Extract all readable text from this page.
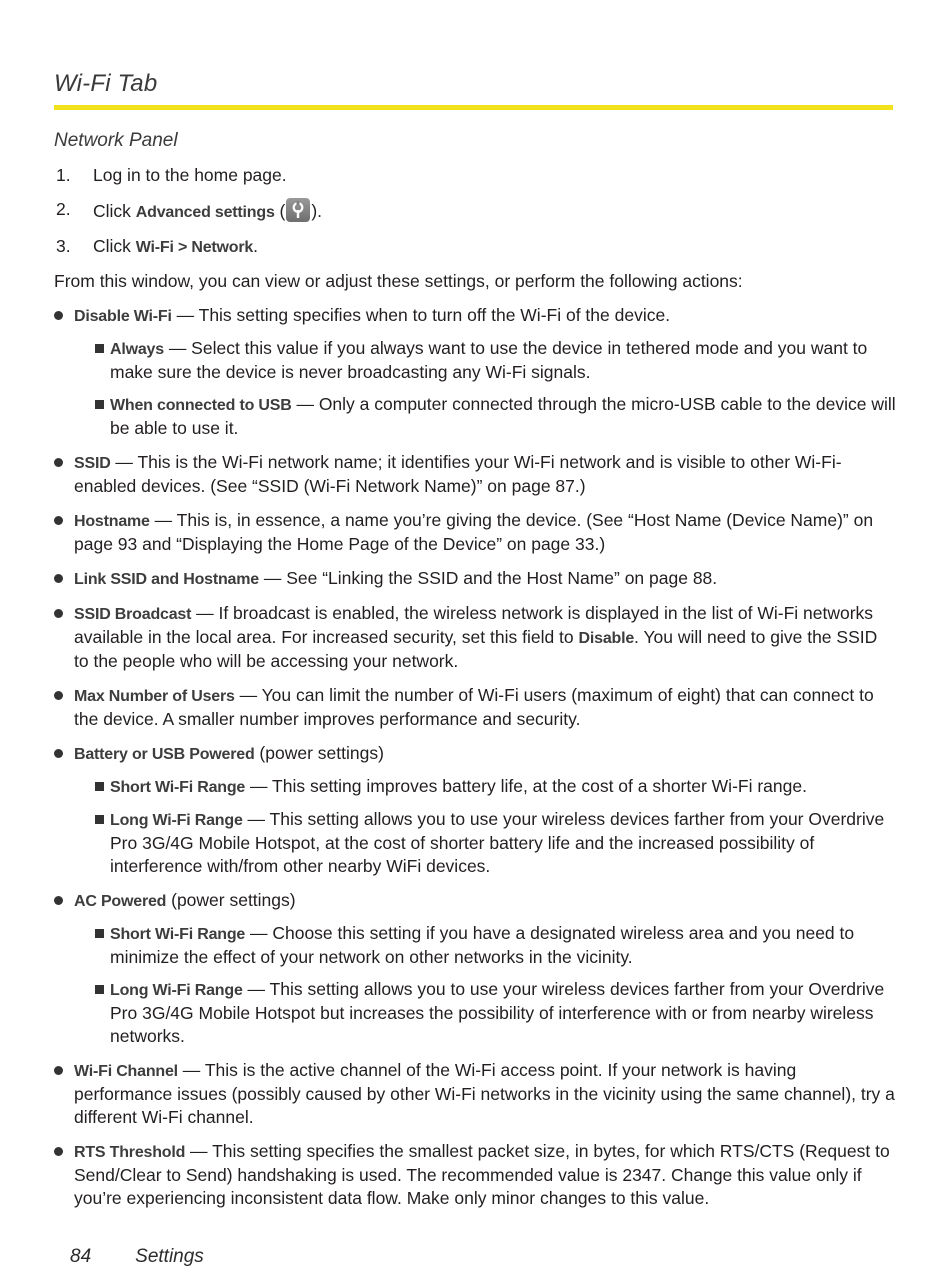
Wi-Fi Tab
Network Panel
1. Log in to the home page.
2. Click Advanced settings ( ).
3. Click Wi-Fi > Network.
From this window, you can view or adjust these settings, or perform the following actions:
Disable Wi-Fi — This setting specifies when to turn off the Wi-Fi of the device.
Always — Select this value if you always want to use the device in tethered mode and you want to make sure the device is never broadcasting any Wi-Fi signals.
When connected to USB — Only a computer connected through the micro-USB cable to the device will be able to use it.
SSID — This is the Wi-Fi network name; it identifies your Wi-Fi network and is visible to other Wi-Fi-enabled devices. (See “SSID (Wi-Fi Network Name)” on page 87.)
Hostname — This is, in essence, a name you’re giving the device. (See “Host Name (Device Name)” on page 93 and “Displaying the Home Page of the Device” on page 33.)
Link SSID and Hostname — See “Linking the SSID and the Host Name” on page 88.
SSID Broadcast — If broadcast is enabled, the wireless network is displayed in the list of Wi-Fi networks available in the local area. For increased security, set this field to Disable. You will need to give the SSID to the people who will be accessing your network.
Max Number of Users — You can limit the number of Wi-Fi users (maximum of eight) that can connect to the device. A smaller number improves performance and security.
Battery or USB Powered (power settings)
Short Wi-Fi Range — This setting improves battery life, at the cost of a shorter Wi-Fi range.
Long Wi-Fi Range — This setting allows you to use your wireless devices farther from your Overdrive Pro 3G/4G Mobile Hotspot, at the cost of shorter battery life and the increased possibility of interference with/from other nearby WiFi devices.
AC Powered (power settings)
Short Wi-Fi Range — Choose this setting if you have a designated wireless area and you need to minimize the effect of your network on other networks in the vicinity.
Long Wi-Fi Range — This setting allows you to use your wireless devices farther from your Overdrive Pro 3G/4G Mobile Hotspot but increases the possibility of interference with or from nearby wireless networks.
Wi-Fi Channel — This is the active channel of the Wi-Fi access point. If your network is having performance issues (possibly caused by other Wi-Fi networks in the vicinity using the same channel), try a different Wi-Fi channel.
RTS Threshold — This setting specifies the smallest packet size, in bytes, for which RTS/CTS (Request to Send/Clear to Send) handshaking is used. The recommended value is 2347. Change this value only if you’re experiencing inconsistent data flow. Make only minor changes to this value.
84 Settings
